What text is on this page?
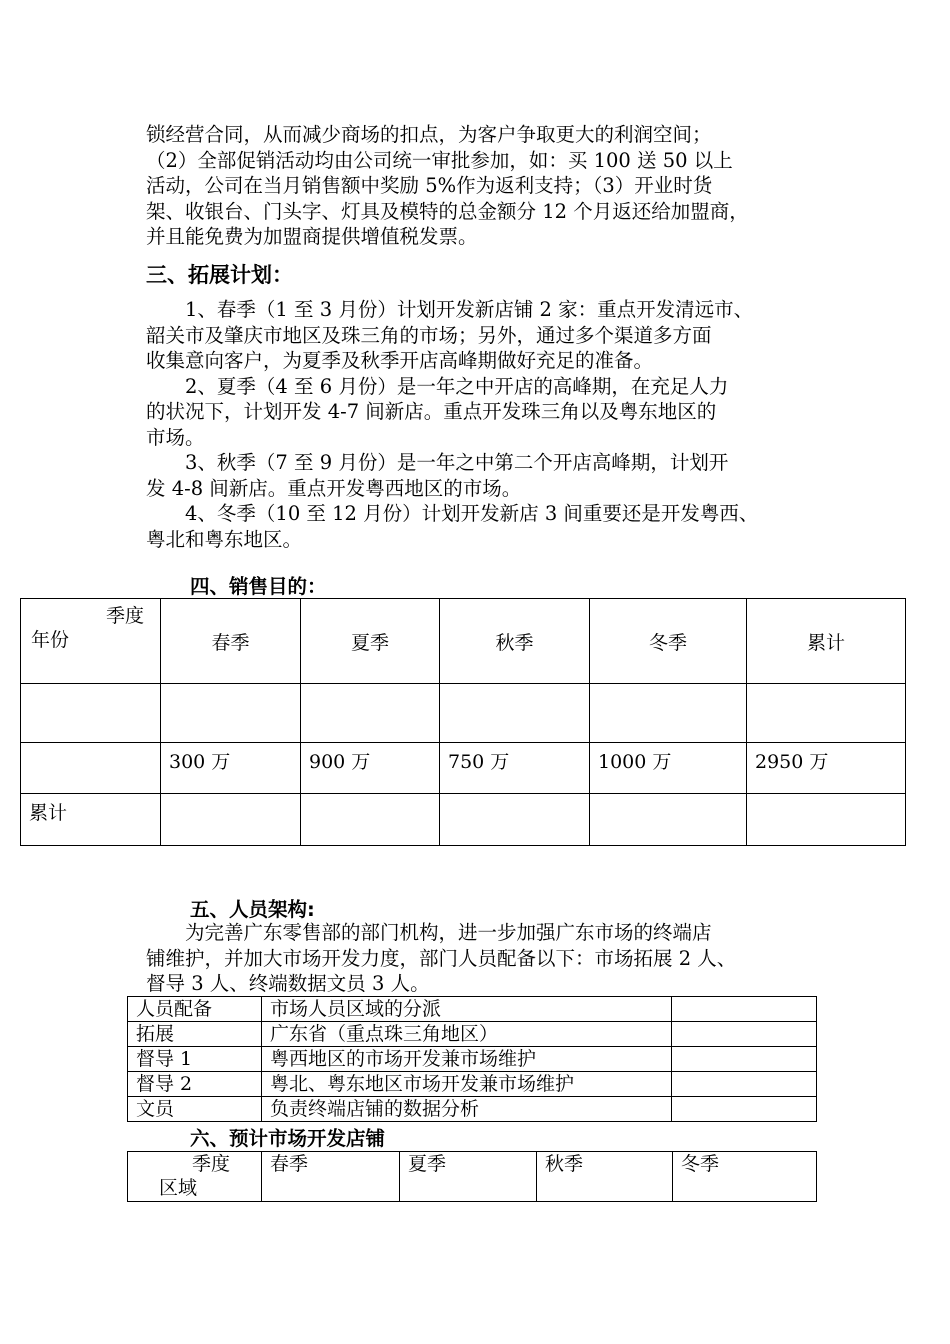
锁经营合同，从而减少商场的扣点，为客户争取更大的利润空间；
（2）全部促销活动均由公司统一审批参加，如：买 100 送 50 以上
活动，公司在当月销售额中奖励 5%作为返利支持；（3）开业时货
架、收银台、门头字、灯具及模特的总金额分 12 个月返还给加盟商，
并且能免费为加盟商提供增值税发票。
三、拓展计划：
　　1、春季（1 至 3 月份）计划开发新店铺 2 家：重点开发清远市、
韶关市及肇庆市地区及珠三角的市场；另外，通过多个渠道多方面
收集意向客户，为夏季及秋季开店高峰期做好充足的准备。
　　2、夏季（4 至 6 月份）是一年之中开店的高峰期，在充足人力
的状况下，计划开发 4-7 间新店。重点开发珠三角以及粤东地区的
市场。
　　3、秋季（7 至 9 月份）是一年之中第二个开店高峰期，计划开
发 4-8 间新店。重点开发粤西地区的市场。
　　4、冬季（10 至 12 月份）计划开发新店 3 间重要还是开发粤西、
粤北和粤东地区。
四、销售目的：
季度
年份	春季	夏季	秋季	冬季	累计

	300 万	900 万	750 万	1000 万	2950 万
累计					
五、人员架构:
　　为完善广东零售部的部门机构，进一步加强广东市场的终端店
铺维护，并加大市场开发力度，部门人员配备以下：市场拓展 2 人、
督导 3 人、终端数据文员 3 人。
人员配备	市场人员区域的分派	
拓展	广东省（重点珠三角地区）	
督导 1	粤西地区的市场开发兼市场维护	
督导 2	粤北、粤东地区市场开发兼市场维护	
文员	负责终端店铺的数据分析	
六、预计市场开发店铺
季度
区域
	春季	夏季	秋季	冬季
